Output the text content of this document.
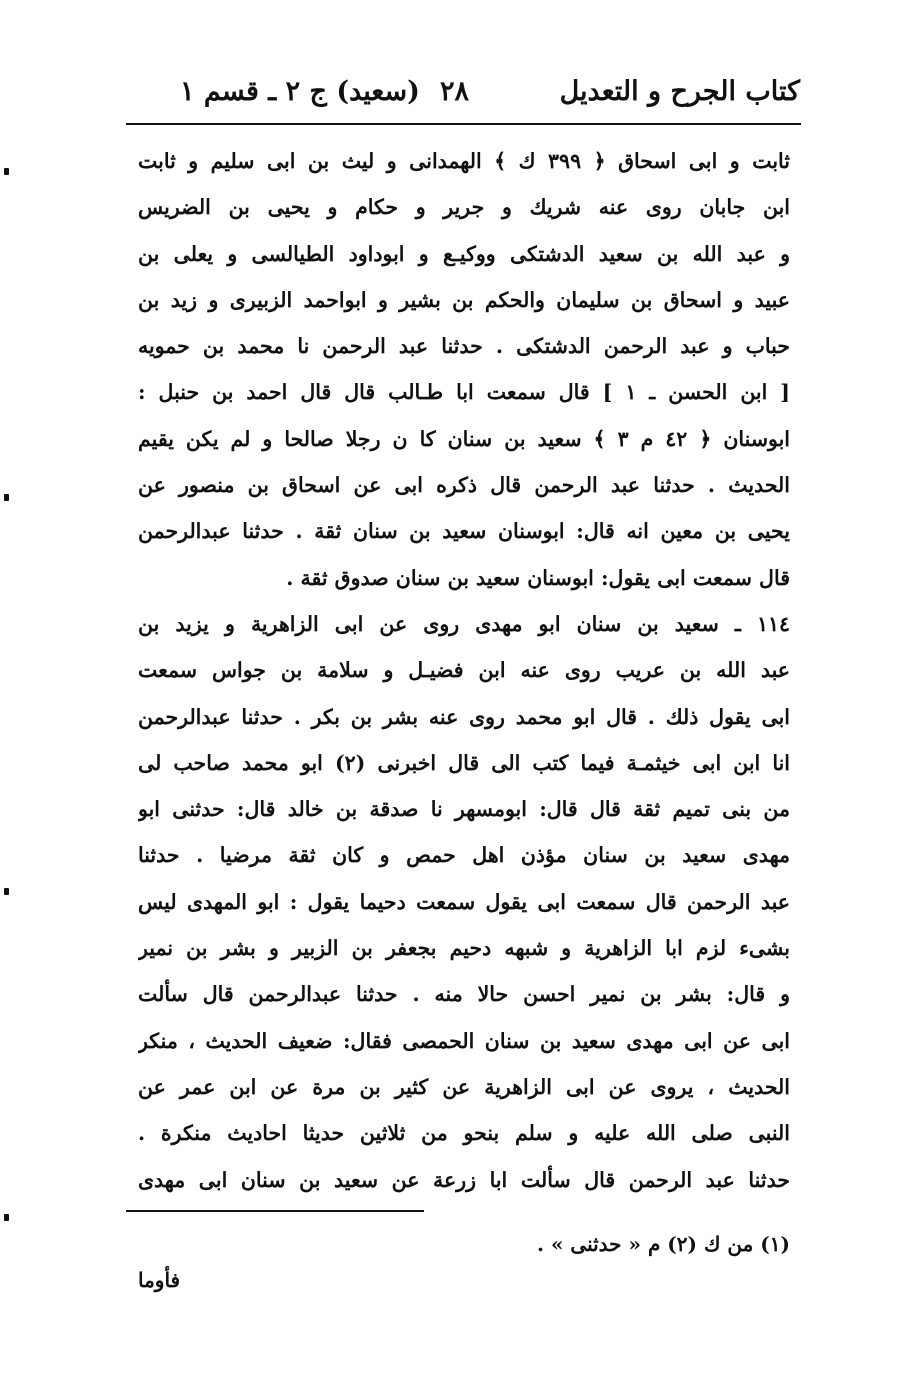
كتاب الجرح و التعديل
٢٨
(سعيد) ج ٢ ـ قسم ١
ثابت و ابى اسحاق ﴿ ٣٩٩ ك ﴾ الهمدانى و ليث بن ابى سليم و ثابت
ابن جابان روى عنه شريك و جرير و حكام و يحيى بن الضريس
و عبد الله بن سعيد الدشتكى ووكيـع و ابوداود الطيالسى و يعلى بن
عبيد و اسحاق بن سليمان والحكم بن بشير و ابواحمد الزبيرى و زيد بن
حباب و عبد الرحمن الدشتكى . حدثنا عبد الرحمن نا محمد بن حمويه
[ ابن الحسن ـ ١ ] قال سمعت ابا طـالب قال قال احمد بن حنبل :
ابوسنان ﴿ ٤٢ م ٣ ﴾ سعيد بن سنان كا ن رجلا صالحا و لم يكن يقيم
الحديث . حدثنا عبد الرحمن قال ذكره ابى عن اسحاق بن منصور عن
يحيى بن معين انه قال: ابوسنان سعيد بن سنان ثقة . حدثنا عبدالرحمن
قال سمعت ابى يقول: ابوسنان سعيد بن سنان صدوق ثقة .
١١٤ ـ سعيد بن سنان ابو مهدى روى عن ابى الزاهرية و يزيد بن
عبد الله بن عريب روى عنه ابن فضيـل و سلامة بن جواس سمعت
ابى يقول ذلك . قال ابو محمد روى عنه بشر بن بكر . حدثنا عبدالرحمن
انا ابن ابى خيثمـة فيما كتب الى قال اخبرنى (٢) ابو محمد صاحب لى
من بنى تميم ثقة قال قال: ابومسهر نا صدقة بن خالد قال: حدثنى ابو
مهدى سعيد بن سنان مؤذن اهل حمص و كان ثقة مرضيا . حدثنا
عبد الرحمن قال سمعت ابى يقول سمعت دحيما يقول : ابو المهدى ليس
بشىء لزم ابا الزاهرية و شبهه دحيم بجعفر بن الزبير و بشر بن نمير
و قال: بشر بن نمير احسن حالا منه . حدثنا عبدالرحمن قال سألت
ابى عن ابى مهدى سعيد بن سنان الحمصى فقال: ضعيف الحديث ، منكر
الحديث ، يروى عن ابى الزاهرية عن كثير بن مرة عن ابن عمر عن
النبى صلى الله عليه و سلم بنحو من ثلاثين حديثا احاديث منكرة .
حدثنا عبد الرحمن قال سألت ابا زرعة عن سعيد بن سنان ابى مهدى
(١) من ك (٢) م « حدثنى » .
فأوما
